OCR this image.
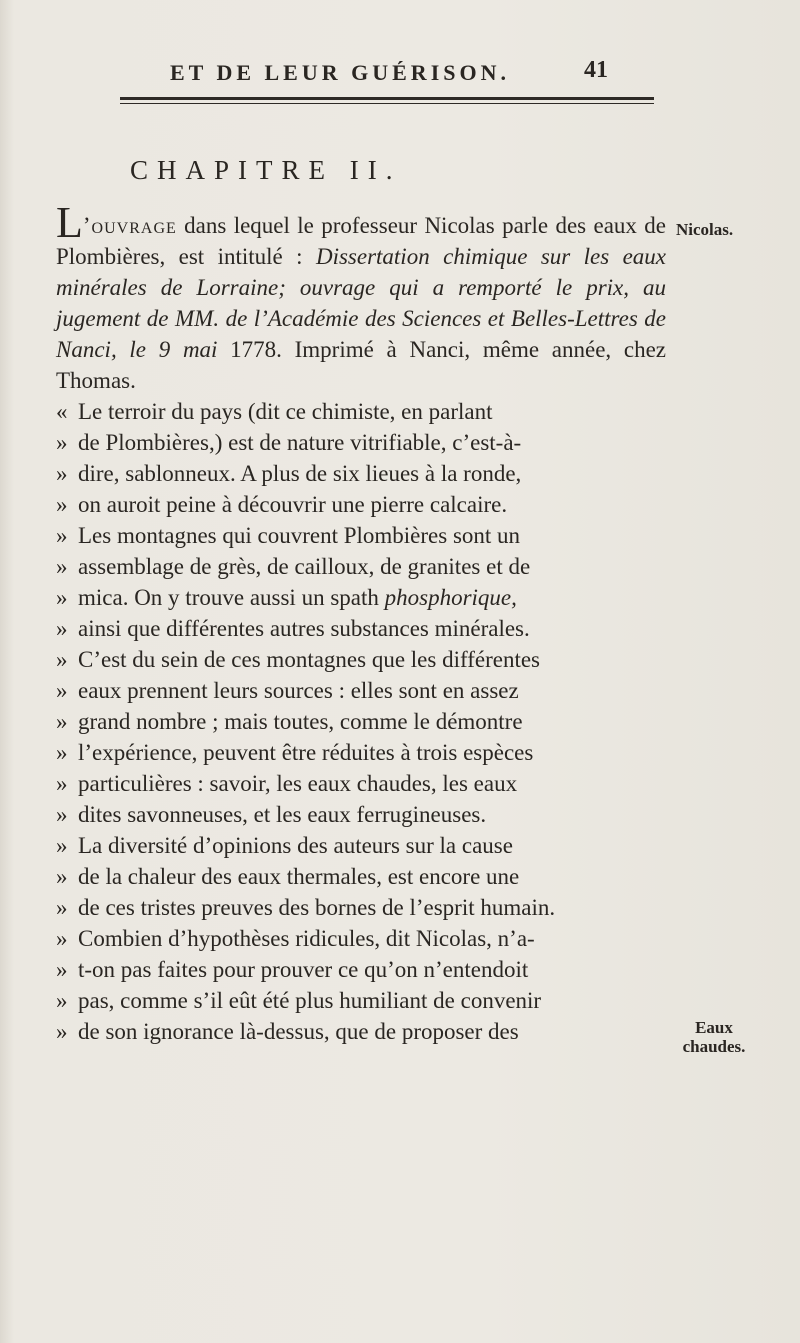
ET DE LEUR GUÉRISON.	41
CHAPITRE II.
Nicolas.
Eaux
chaudes.

L’ouvrage dans lequel le professeur Nicolas parle des eaux de Plombières, est intitulé : Dissertation chimique sur les eaux minérales de Lorraine; ouvrage qui a remporté le prix, au jugement de MM. de l’Académie des Sciences et Belles-Lettres de Nanci, le 9 mai 1778. Imprimé à Nanci, même année, chez Thomas.

« Le terroir du pays (dit ce chimiste, en parlant
» de Plombières,) est de nature vitrifiable, c’est-à-
» dire, sablonneux. A plus de six lieues à la ronde,
» on auroit peine à découvrir une pierre calcaire.
» Les montagnes qui couvrent Plombières sont un
» assemblage de grès, de cailloux, de granites et de
» mica. On y trouve aussi un spath phosphorique,
» ainsi que différentes autres substances minérales.
» C’est du sein de ces montagnes que les différentes
» eaux prennent leurs sources : elles sont en assez
» grand nombre ; mais toutes, comme le démontre
» l’expérience, peuvent être réduites à trois espèces
» particulières : savoir, les eaux chaudes, les eaux
» dites savonneuses, et les eaux ferrugineuses.
» La diversité d’opinions des auteurs sur la cause
» de la chaleur des eaux thermales, est encore une
» de ces tristes preuves des bornes de l’esprit humain.
» Combien d’hypothèses ridicules, dit Nicolas, n’a-
» t-on pas faites pour prouver ce qu’on n’entendoit
» pas, comme s’il eût été plus humiliant de convenir
» de son ignorance là-dessus, que de proposer des
